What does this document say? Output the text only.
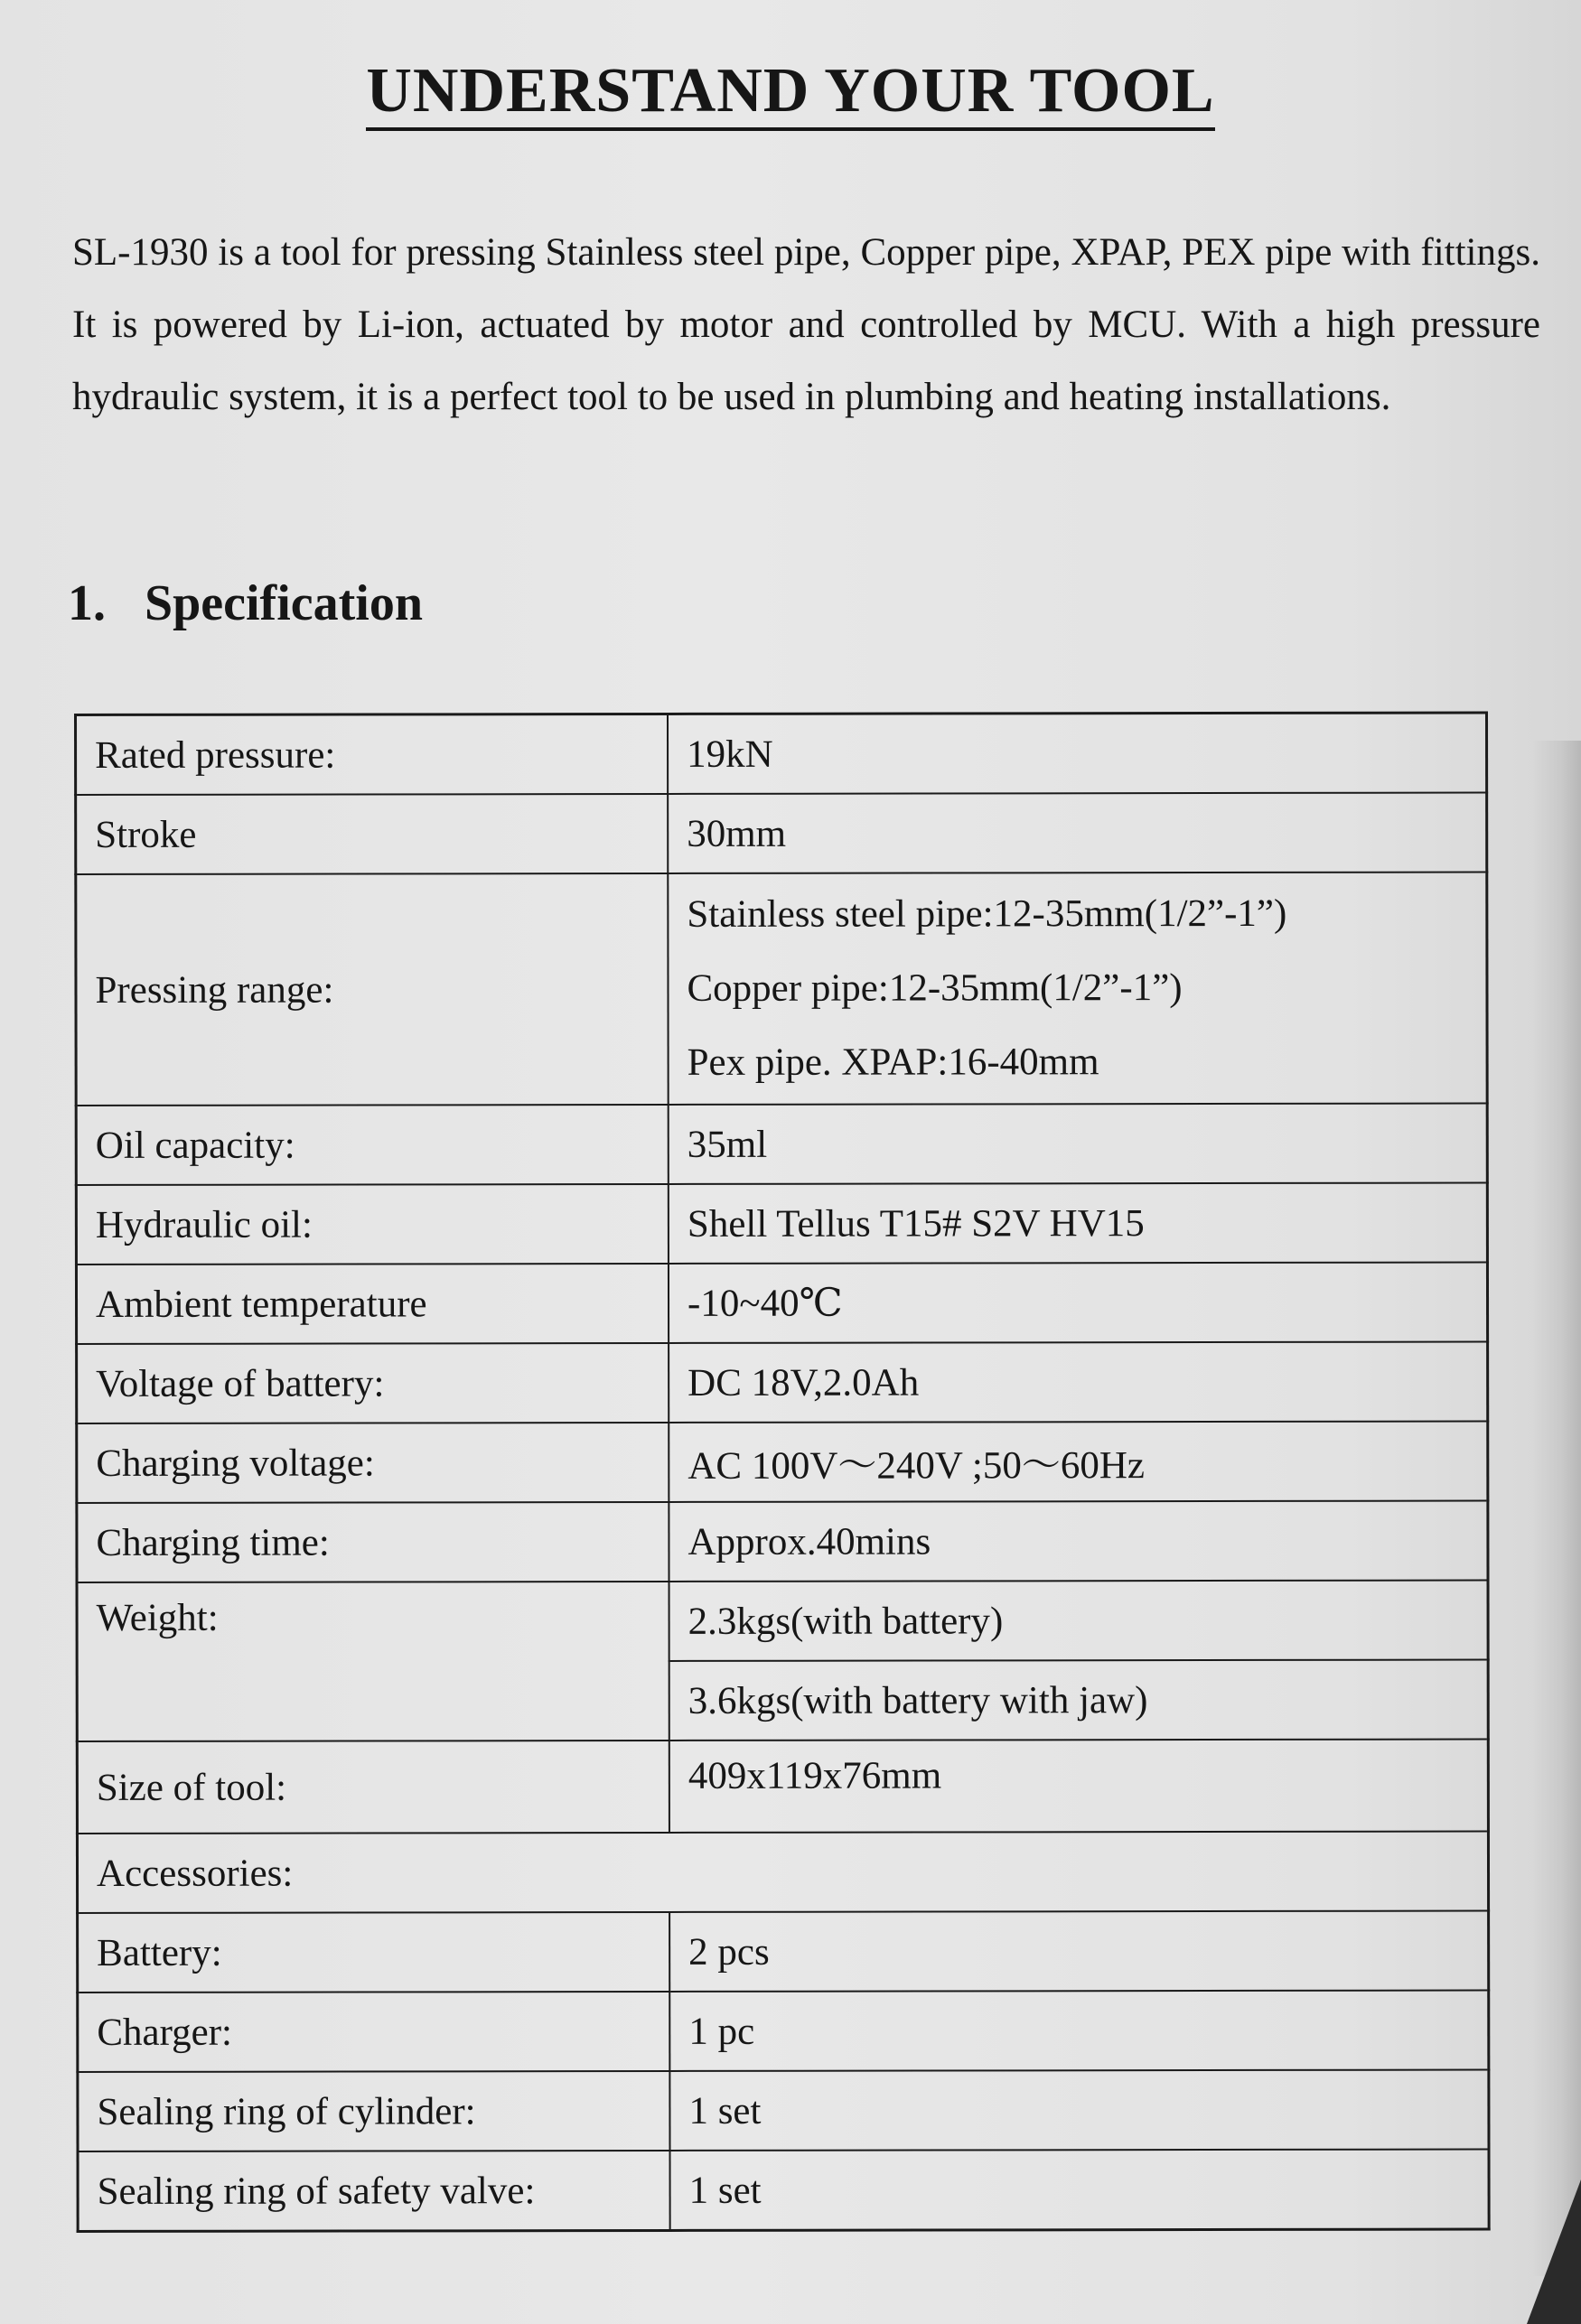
UNDERSTAND YOUR TOOL

SL-1930 is a tool for pressing Stainless steel pipe, Copper pipe, XPAP, PEX pipe with fittings. It is powered by Li-ion, actuated by motor and controlled by MCU. With a high pressure hydraulic system, it is a perfect tool to be used in plumbing and heating installations.

1. Specification
Rated pressure:	19kN
Stroke	30mm
Pressing range:	Stainless steel pipe:12-35mm(1/2”-1”)
Copper pipe:12-35mm(1/2”-1”)
Pex pipe. XPAP:16-40mm

Oil capacity:	35ml
Hydraulic oil:	Shell Tellus T15# S2V HV15
Ambient temperature	-10~40℃
Voltage of battery:	DC 18V,2.0Ah
Charging voltage:	AC 100V～240V ;50～60Hz
Charging time:	Approx.40mins
Weight:	2.3kgs(with battery)
	3.6kgs(with battery with jaw)
Size of tool:	409x119x76mm
Accessories:	
Battery:	2 pcs
Charger:	1 pc
Sealing ring of cylinder:	1 set
Sealing ring of safety valve:	1 set
